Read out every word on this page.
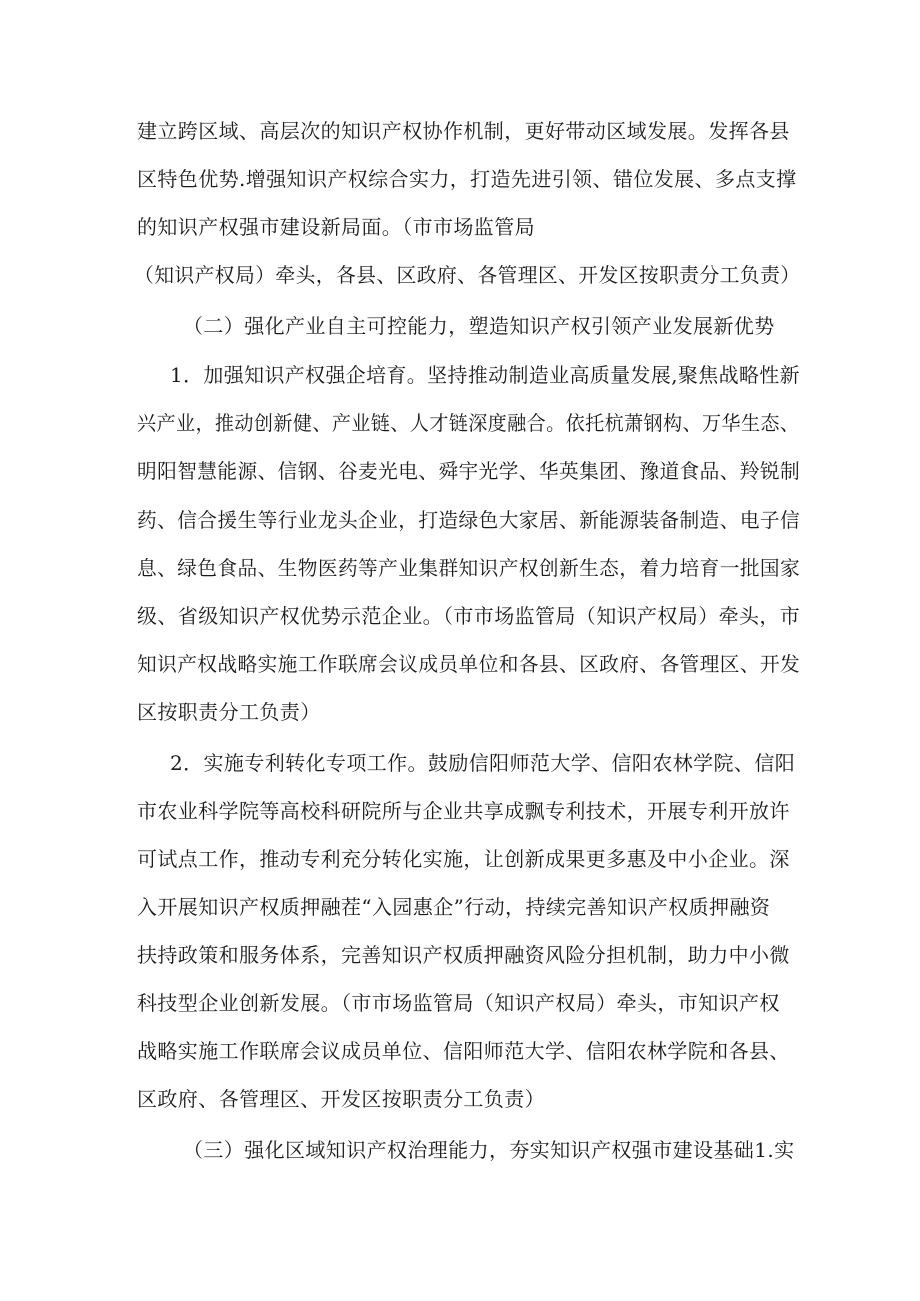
建立跨区域、高层次的知识产权协作机制，更好带动区域发展。发挥各县
区特色优势.增强知识产权综合实力，打造先进引领、错位发展、多点支撑
的知识产权强市建设新局面。（市市场监管局
（知识产权局）牵头，各县、区政府、各管理区、开发区按职责分工负责）
（二）强化产业自主可控能力，塑造知识产权引领产业发展新优势
1．加强知识产权强企培育。坚持推动制造业高质量发展,聚焦战略性新
兴产业，推动创新健、产业链、人才链深度融合。依托杭萧钢构、万华生态、
明阳智慧能源、信钢、谷麦光电、舜宇光学、华英集团、豫道食品、羚锐制
药、信合援生等行业龙头企业，打造绿色大家居、新能源装备制造、电子信
息、绿色食品、生物医药等产业集群知识产权创新生态，着力培育一批国家
级、省级知识产权优势示范企业。（市市场监管局（知识产权局）牵头，市
知识产权战略实施工作联席会议成员单位和各县、区政府、各管理区、开发
区按职责分工负责）
2．实施专利转化专项工作。鼓励信阳师范大学、信阳农林学院、信阳
市农业科学院等高校科研院所与企业共享成飘专利技术，开展专利开放许
可试点工作，推动专利充分转化实施，让创新成果更多惠及中小企业。深
入开展知识产权质押融茬“入园惠企”行动，持续完善知识产权质押融资
扶持政策和服务体系，完善知识产权质押融资风险分担机制，助力中小微
科技型企业创新发展。（市市场监管局（知识产权局）牵头，市知识产权
战略实施工作联席会议成员单位、信阳师范大学、信阳农林学院和各县、
区政府、各管理区、开发区按职责分工负责）
（三）强化区域知识产权治理能力，夯实知识产权强市建设基础1.实
